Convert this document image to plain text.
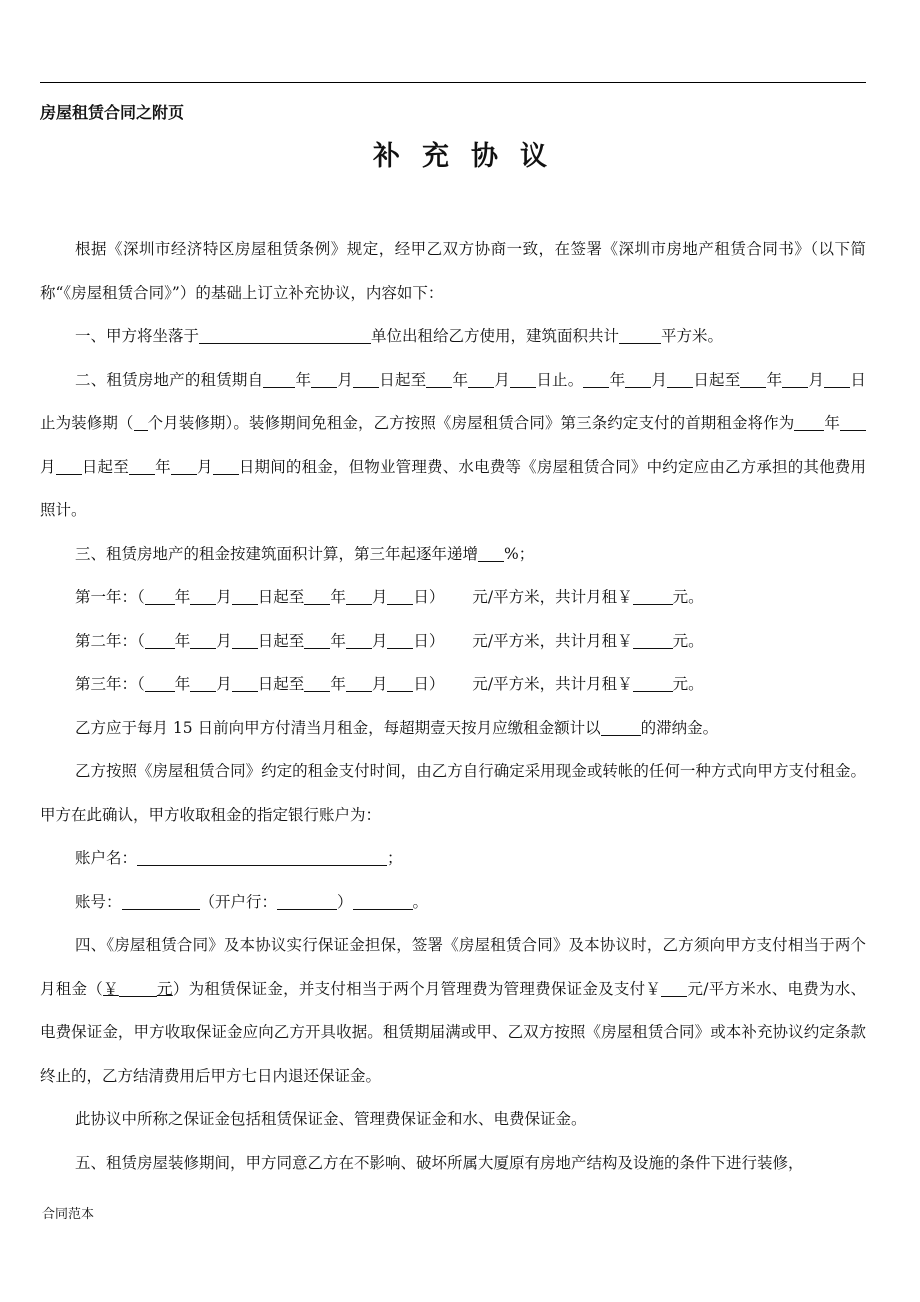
房屋租赁合同之附页
补充协议

根据《深圳市经济特区房屋租赁条例》规定，经甲乙双方协商一致，在签署《深圳市房地产租赁合同书》（以下简称“《房屋租赁合同》”）的基础上订立补充协议，内容如下：

一、甲方将坐落于	单位出租给乙方使用，建筑面积共计	平方米。

二、租赁房地产的租赁期自 年 月 日起至 年 月 日止。 年 月 日起至 年 月 日止为装修期（ 个月装修期）。装修期间免租金，乙方按照《房屋租赁合同》第三条约定支付的首期租金将作为 年月 日起至 年 月 日期间的租金，但物业管理费、水电费等《房屋租赁合同》中约定应由乙方承担的其他费用照计。

三、租赁房地产的租金按建筑面积计算，第三年起逐年递增 %；

第一年：（ 年 月 日起至 年 月 日） 元/平方米，共计月租￥	元。

第二年：（ 年 月 日起至 年 月 日） 元/平方米，共计月租￥	元。

第三年：（ 年 月 日起至 年 月 日） 元/平方米，共计月租￥	元。

乙方应于每月 15 日前向甲方付清当月租金，每超期壹天按月应缴租金额计以	的滞纳金。

乙方按照《房屋租赁合同》约定的租金支付时间，由乙方自行确定采用现金或转帐的任何一种方式向甲方支付租金。甲方在此确认，甲方收取租金的指定银行账户为：

账户名：	；

账号：	（开户行：	）	。

四、《房屋租赁合同》及本协议实行保证金担保，签署《房屋租赁合同》及本协议时，乙方须向甲方支付相当于两个月租金（￥ 元）为租赁保证金，并支付相当于两个月管理费为管理费保证金及支付￥ 元/平方米水、电费为水、电费保证金，甲方收取保证金应向乙方开具收据。租赁期届满或甲、乙双方按照《房屋租赁合同》或本补充协议约定条款终止的，乙方结清费用后甲方七日内退还保证金。

此协议中所称之保证金包括租赁保证金、管理费保证金和水、电费保证金。

五、租赁房屋装修期间，甲方同意乙方在不影响、破坏所属大厦原有房地产结构及设施的条件下进行装修，

合同范本
